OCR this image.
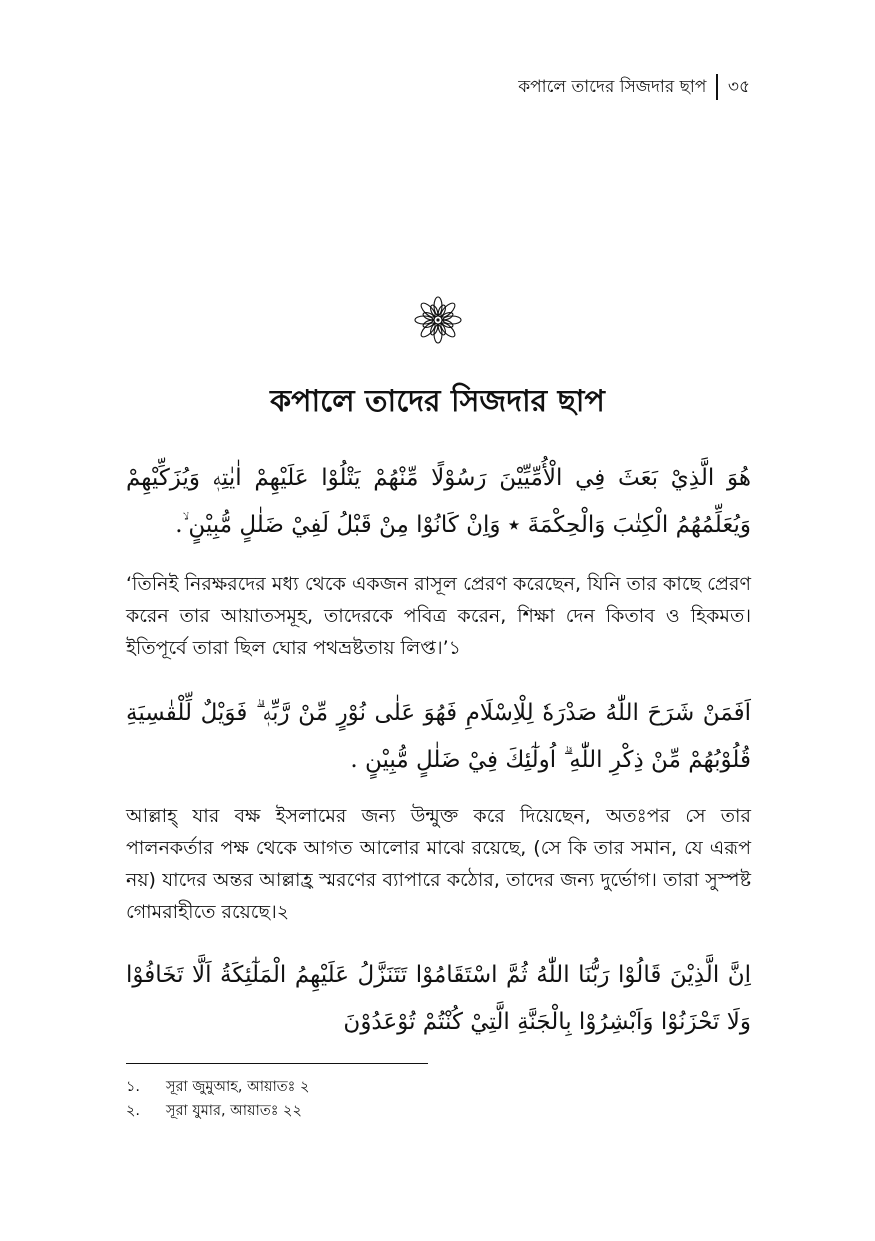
কপালে তাদের সিজদার ছাপ ৩৫
কপালে তাদের সিজদার ছাপ

هُوَ الَّذِيْ بَعَثَ فِي الْأُمِّيِّيْنَ رَسُوْلًا مِّنْهُمْ يَتْلُوْا عَلَيْهِمْ اٰيٰتِهٖ وَيُزَكِّيْهِمْ وَيُعَلِّمُهُمُ الْكِتٰبَ وَالْحِكْمَةَ ٭ وَاِنْ كَانُوْا مِنْ قَبْلُ لَفِيْ ضَلٰلٍ مُّبِيْنٍ ۙ.

‘তিনিই নিরক্ষরদের মধ্য থেকে একজন রাসূল প্রেরণ করেছেন, যিনি তার কাছে প্রেরণ করেন তার আয়াতসমূহ, তাদেরকে পবিত্র করেন, শিক্ষা দেন কিতাব ও হিকমত। ইতিপূর্বে তারা ছিল ঘোর পথভ্রষ্টতায় লিপ্ত।’১

اَفَمَنْ شَرَحَ اللّٰهُ صَدْرَهٗ لِلْاِسْلَامِ فَهُوَ عَلٰى نُوْرٍ مِّنْ رَّبِّهٖ ۗ فَوَيْلٌ لِّلْقٰسِيَةِ قُلُوْبُهُمْ مِّنْ ذِكْرِ اللّٰهِ ۗ اُولٰٓئِكَ فِيْ ضَلٰلٍ مُّبِيْنٍ .

আল্লাহ্ যার বক্ষ ইসলামের জন্য উন্মুক্ত করে দিয়েছেন, অতঃপর সে তার পালনকর্তার পক্ষ থেকে আগত আলোর মাঝে রয়েছে, (সে কি তার সমান, যে এরূপ নয়) যাদের অন্তর আল্লাহ্র স্মরণের ব্যাপারে কঠোর, তাদের জন্য দুর্ভোগ। তারা সুস্পষ্ট গোমরাহীতে রয়েছে।২

اِنَّ الَّذِيْنَ قَالُوْا رَبُّنَا اللّٰهُ ثُمَّ اسْتَقَامُوْا تَتَنَزَّلُ عَلَيْهِمُ الْمَلٰٓئِكَةُ اَلَّا تَخَافُوْا وَلَا تَحْزَنُوْا وَاَبْشِرُوْا بِالْجَنَّةِ الَّتِيْ كُنْتُمْ تُوْعَدُوْنَ

১.	সূরা জুমুআহ, আয়াতঃ ২
২.	সূরা যুমার, আয়াতঃ ২২
